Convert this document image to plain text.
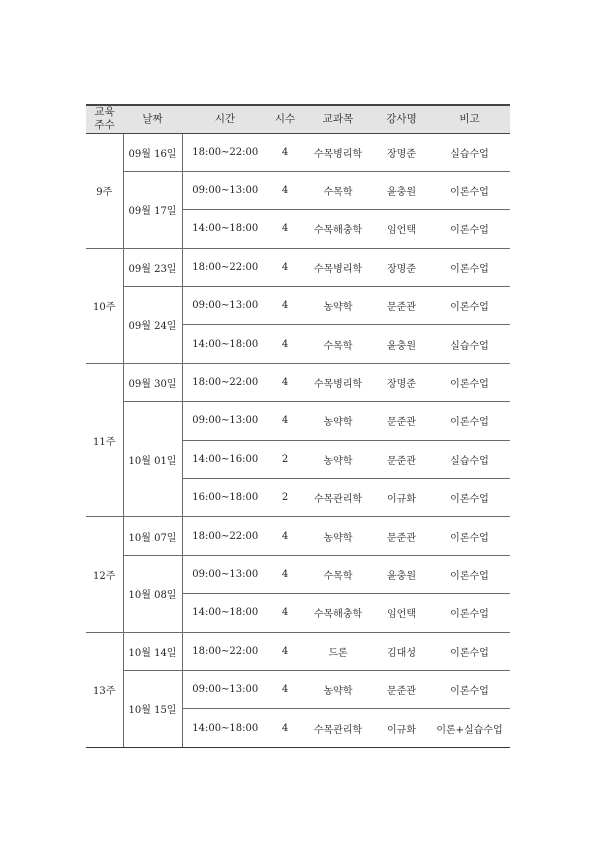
교육
주수	날짜	시간	시수	교과목	강사명	비고
9주	09월 16일	18:00∼22:00	4	수목병리학	장명준	실습수업
	09월 17일	09:00∼13:00	4	수목학	윤충원	이론수업
		14:00∼18:00	4	수목해충학	임언택	이론수업
10주	09월 23일	18:00∼22:00	4	수목병리학	장명준	이론수업
	09월 24일	09:00∼13:00	4	농약학	문준관	이론수업
		14:00∼18:00	4	수목학	윤충원	실습수업
11주	09월 30일	18:00∼22:00	4	수목병리학	장명준	이론수업
	10월 01일	09:00∼13:00	4	농약학	문준관	이론수업
		14:00∼16:00	2	농약학	문준관	실습수업
		16:00∼18:00	2	수목관리학	이규화	이론수업
12주	10월 07일	18:00∼22:00	4	농약학	문준관	이론수업
	10월 08일	09:00∼13:00	4	수목학	윤충원	이론수업
		14:00∼18:00	4	수목해충학	임언택	이론수업
13주	10월 14일	18:00∼22:00	4	드론	김대성	이론수업
	10월 15일	09:00∼13:00	4	농약학	문준관	이론수업
		14:00∼18:00	4	수목관리학	이규화	이론+실습수업
